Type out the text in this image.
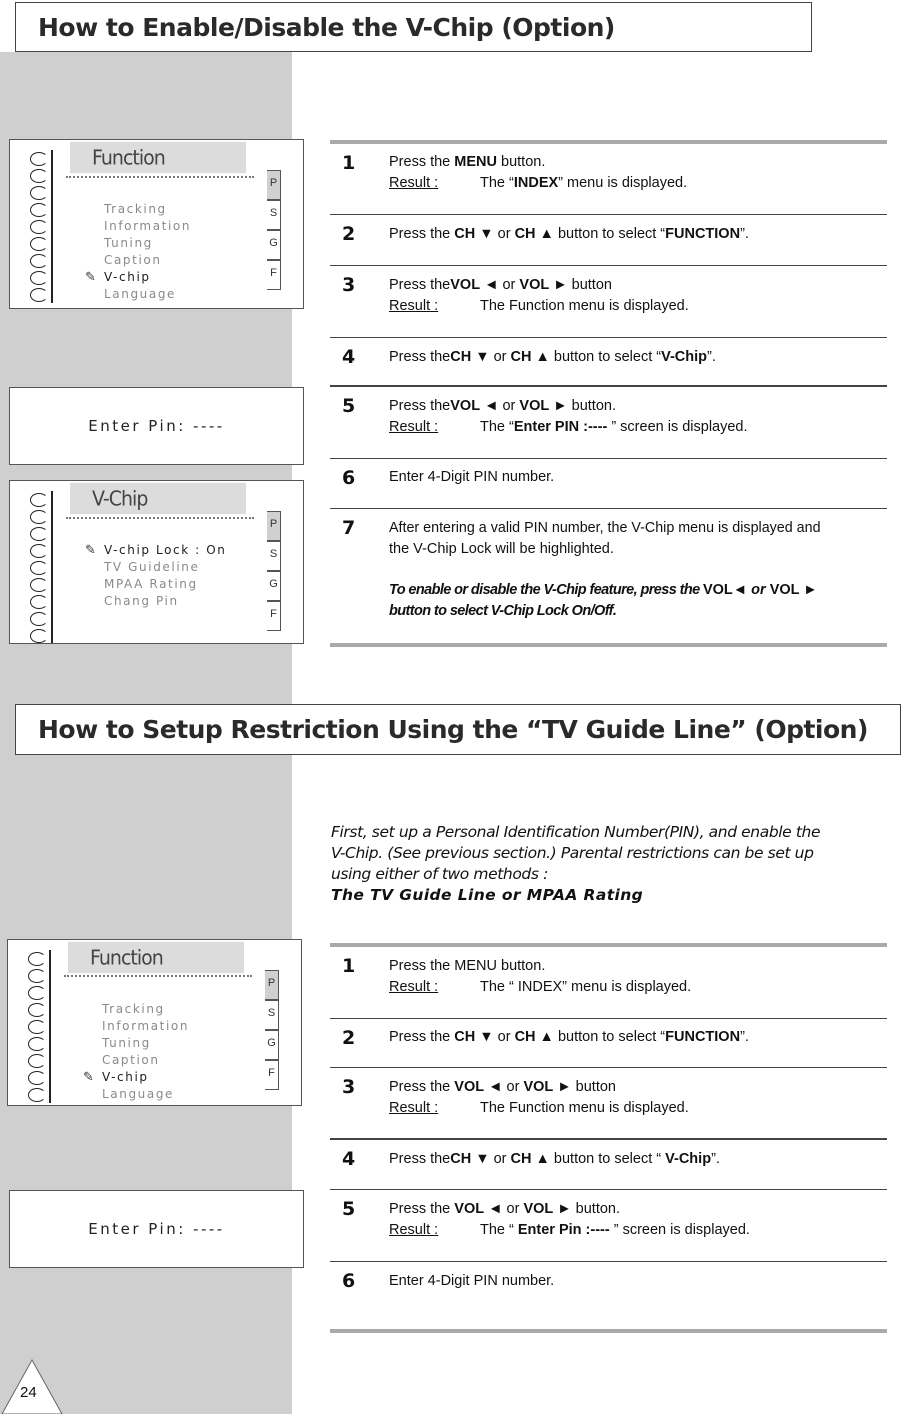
How to Enable/Disable the V-Chip (Option)
Function
Tracking
Information
Tuning
Caption
✎ V-chip
Language
P
S
G
F
Enter Pin:
----
V-Chip
✎ V-chip Lock : On
TV Guideline
MPAA Rating
Chang Pin
P
S
G
F
1 Press the MENU button.
Result :	The “INDEX” menu is displayed.
2 Press the CH ▼ or CH ▲ button to select “FUNCTION”.
3 Press theVOL ◄ or VOL ► button
Result :	The Function menu is displayed.
4 Press theCH ▼ or CH ▲ button to select “V-Chip”.
5 Press theVOL ◄ or VOL ► button.
Result :	The “Enter PIN :---- ” screen is displayed.
6 Enter 4-Digit PIN number.
7 After entering a valid PIN number, the V-Chip menu is displayed and
the V-Chip Lock will be highlighted.
To enable or disable the V-Chip feature, press the VOL◄ or VOL ►
button to select V-Chip Lock On/Off.
How to Setup Restriction Using the “TV Guide Line” (Option)
First, set up a Personal Identification Number(PIN), and enable the
V-Chip. (See previous section.) Parental restrictions can be set up
using either of two methods :
The TV Guide Line or MPAA Rating
Function
Tracking
Information
Tuning
Caption
✎ V-chip
Language
P
S
G
F
Enter Pin:
----
1 Press the MENU button.
Result :	The “ INDEX” menu is displayed.
2 Press the CH ▼ or CH ▲ button to select “FUNCTION”.
3 Press the VOL ◄ or VOL ► button
Result :	The Function menu is displayed.
4 Press theCH ▼ or CH ▲ button to select “ V-Chip”.
5 Press the VOL ◄ or VOL ► button.
Result :	The “ Enter Pin :---- ” screen is displayed.
6 Enter 4-Digit PIN number.
24
